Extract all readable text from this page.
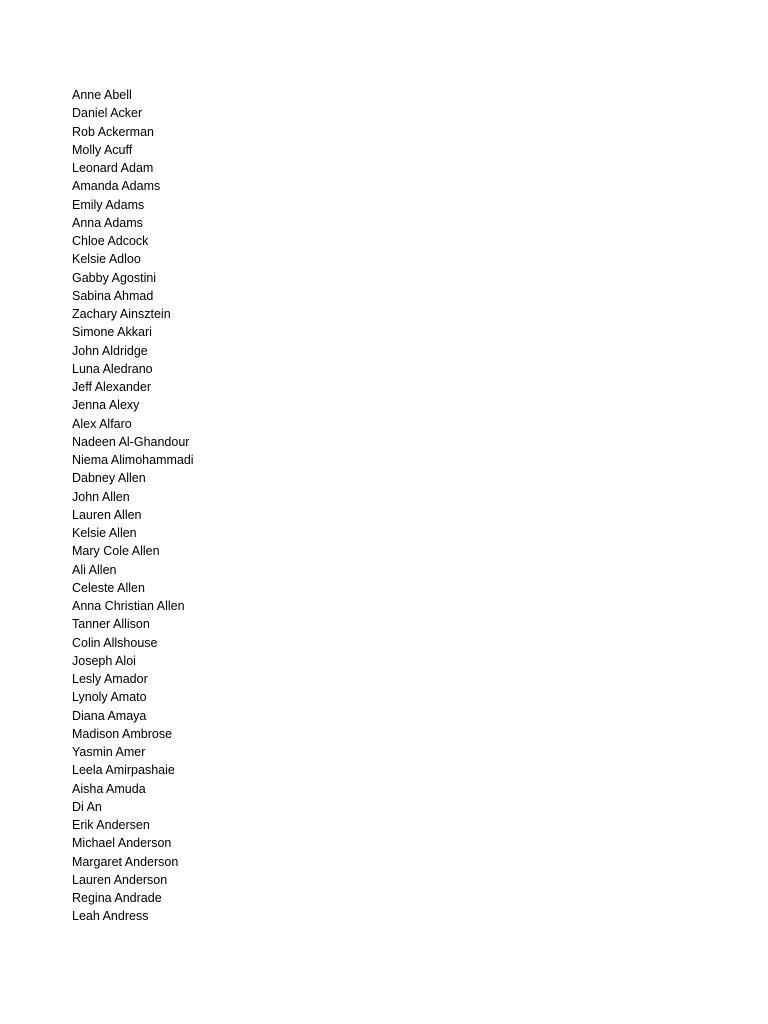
Anne Abell
Daniel Acker
Rob Ackerman
Molly Acuff
Leonard Adam
Amanda Adams
Emily Adams
Anna Adams
Chloe Adcock
Kelsie Adloo
Gabby Agostini
Sabina Ahmad
Zachary Ainsztein
Simone Akkari
John Aldridge
Luna Aledrano
Jeff Alexander
Jenna Alexy
Alex Alfaro
Nadeen Al-Ghandour
Niema Alimohammadi
Dabney Allen
John Allen
Lauren Allen
Kelsie Allen
Mary Cole Allen
Ali Allen
Celeste Allen
Anna Christian Allen
Tanner Allison
Colin Allshouse
Joseph Aloi
Lesly Amador
Lynoly Amato
Diana Amaya
Madison Ambrose
Yasmin Amer
Leela Amirpashaie
Aisha Amuda
Di An
Erik Andersen
Michael Anderson
Margaret Anderson
Lauren Anderson
Regina Andrade
Leah Andress
